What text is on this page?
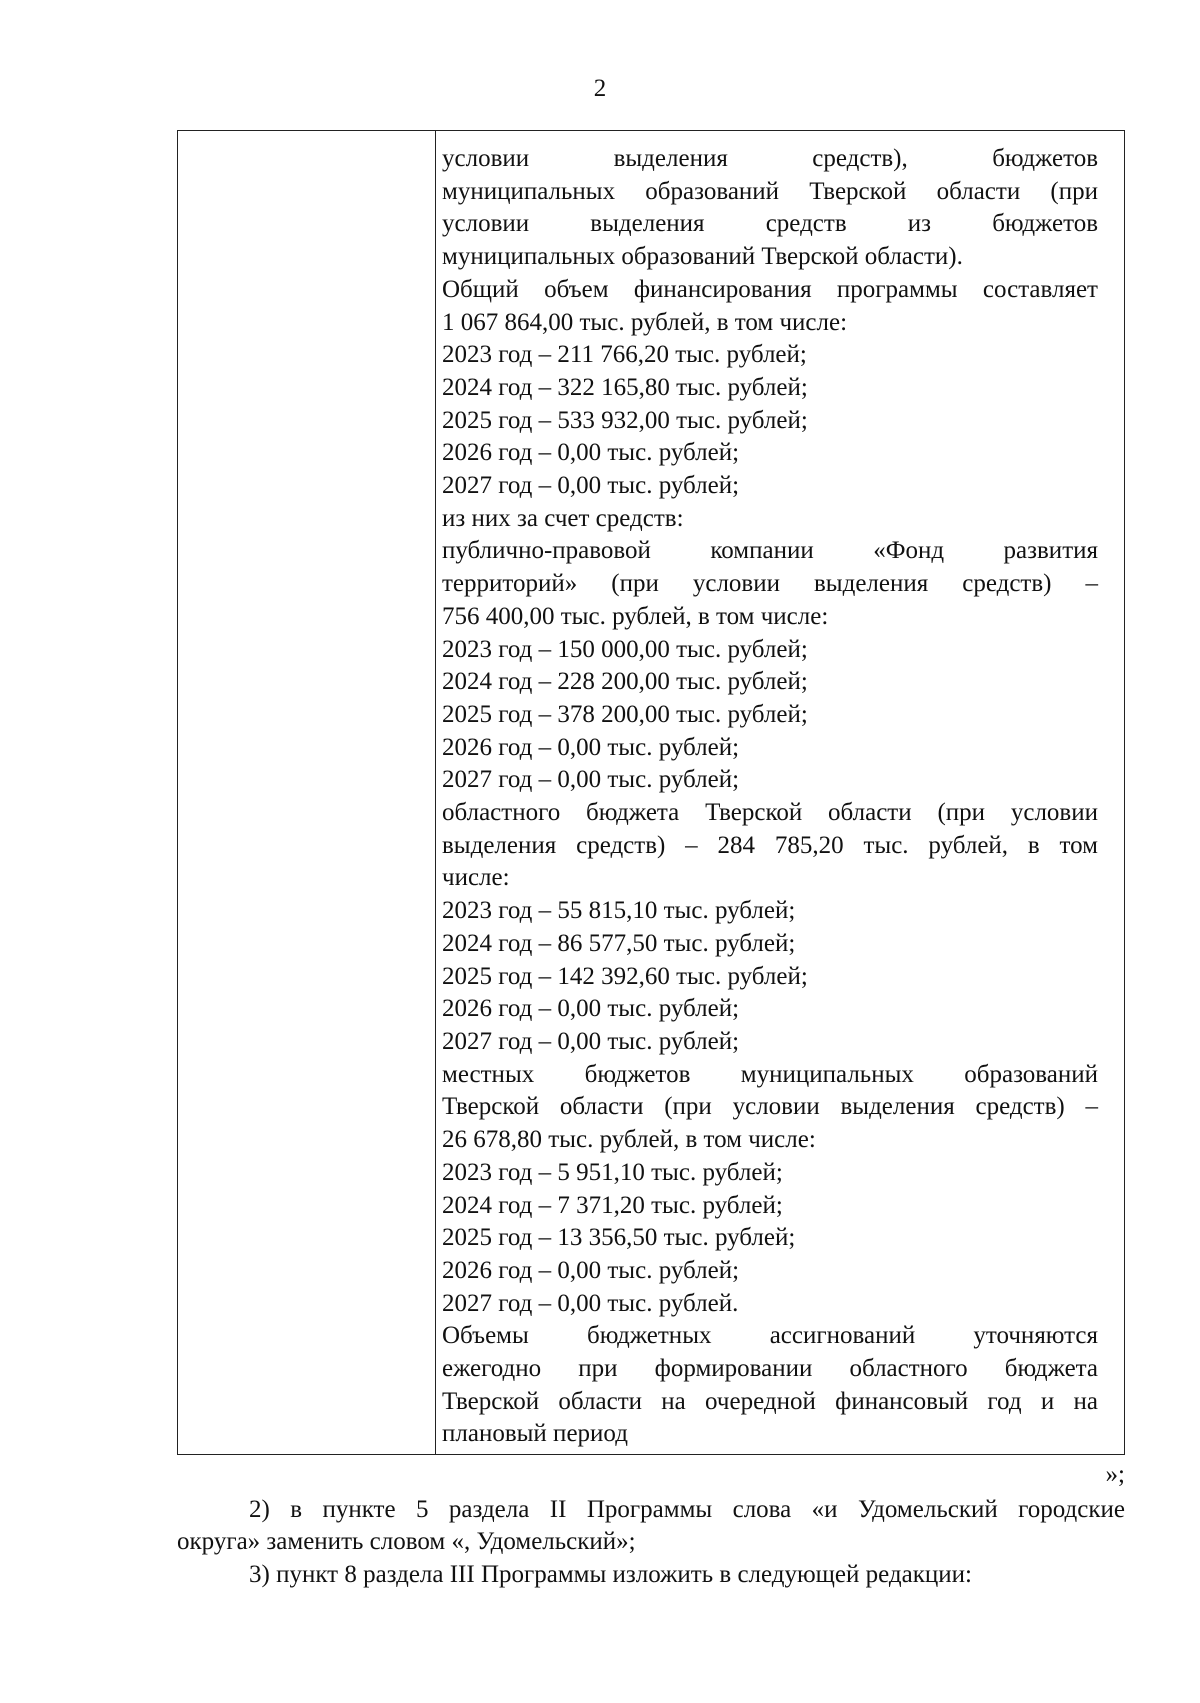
2
условии выделения средств), бюджетов
муниципальных образований Тверской области (при
условии выделения средств из бюджетов
муниципальных образований Тверской области).
Общий объем финансирования программы составляет
1 067 864,00 тыс. рублей, в том числе:
2023 год – 211 766,20 тыс. рублей;
2024 год – 322 165,80 тыс. рублей;
2025 год – 533 932,00 тыс. рублей;
2026 год – 0,00 тыс. рублей;
2027 год – 0,00 тыс. рублей;
из них за счет средств:
публично-правовой компании «Фонд развития
территорий» (при условии выделения средств) –
756 400,00 тыс. рублей, в том числе:
2023 год – 150 000,00 тыс. рублей;
2024 год – 228 200,00 тыс. рублей;
2025 год – 378 200,00 тыс. рублей;
2026 год – 0,00 тыс. рублей;
2027 год – 0,00 тыс. рублей;
областного бюджета Тверской области (при условии
выделения средств) – 284 785,20 тыс. рублей, в том
числе:
2023 год – 55 815,10 тыс. рублей;
2024 год – 86 577,50 тыс. рублей;
2025 год – 142 392,60 тыс. рублей;
2026 год – 0,00 тыс. рублей;
2027 год – 0,00 тыс. рублей;
местных бюджетов муниципальных образований
Тверской области (при условии выделения средств) –
26 678,80 тыс. рублей, в том числе:
2023 год – 5 951,10 тыс. рублей;
2024 год – 7 371,20 тыс. рублей;
2025 год – 13 356,50 тыс. рублей;
2026 год – 0,00 тыс. рублей;
2027 год – 0,00 тыс. рублей.
Объемы бюджетных ассигнований уточняются
ежегодно при формировании областного бюджета
Тверской области на очередной финансовый год и на
плановый период
»;
2) в пункте 5 раздела II Программы слова «и Удомельский городские
округа» заменить словом «, Удомельский»;
3) пункт 8 раздела III Программы изложить в следующей редакции:
